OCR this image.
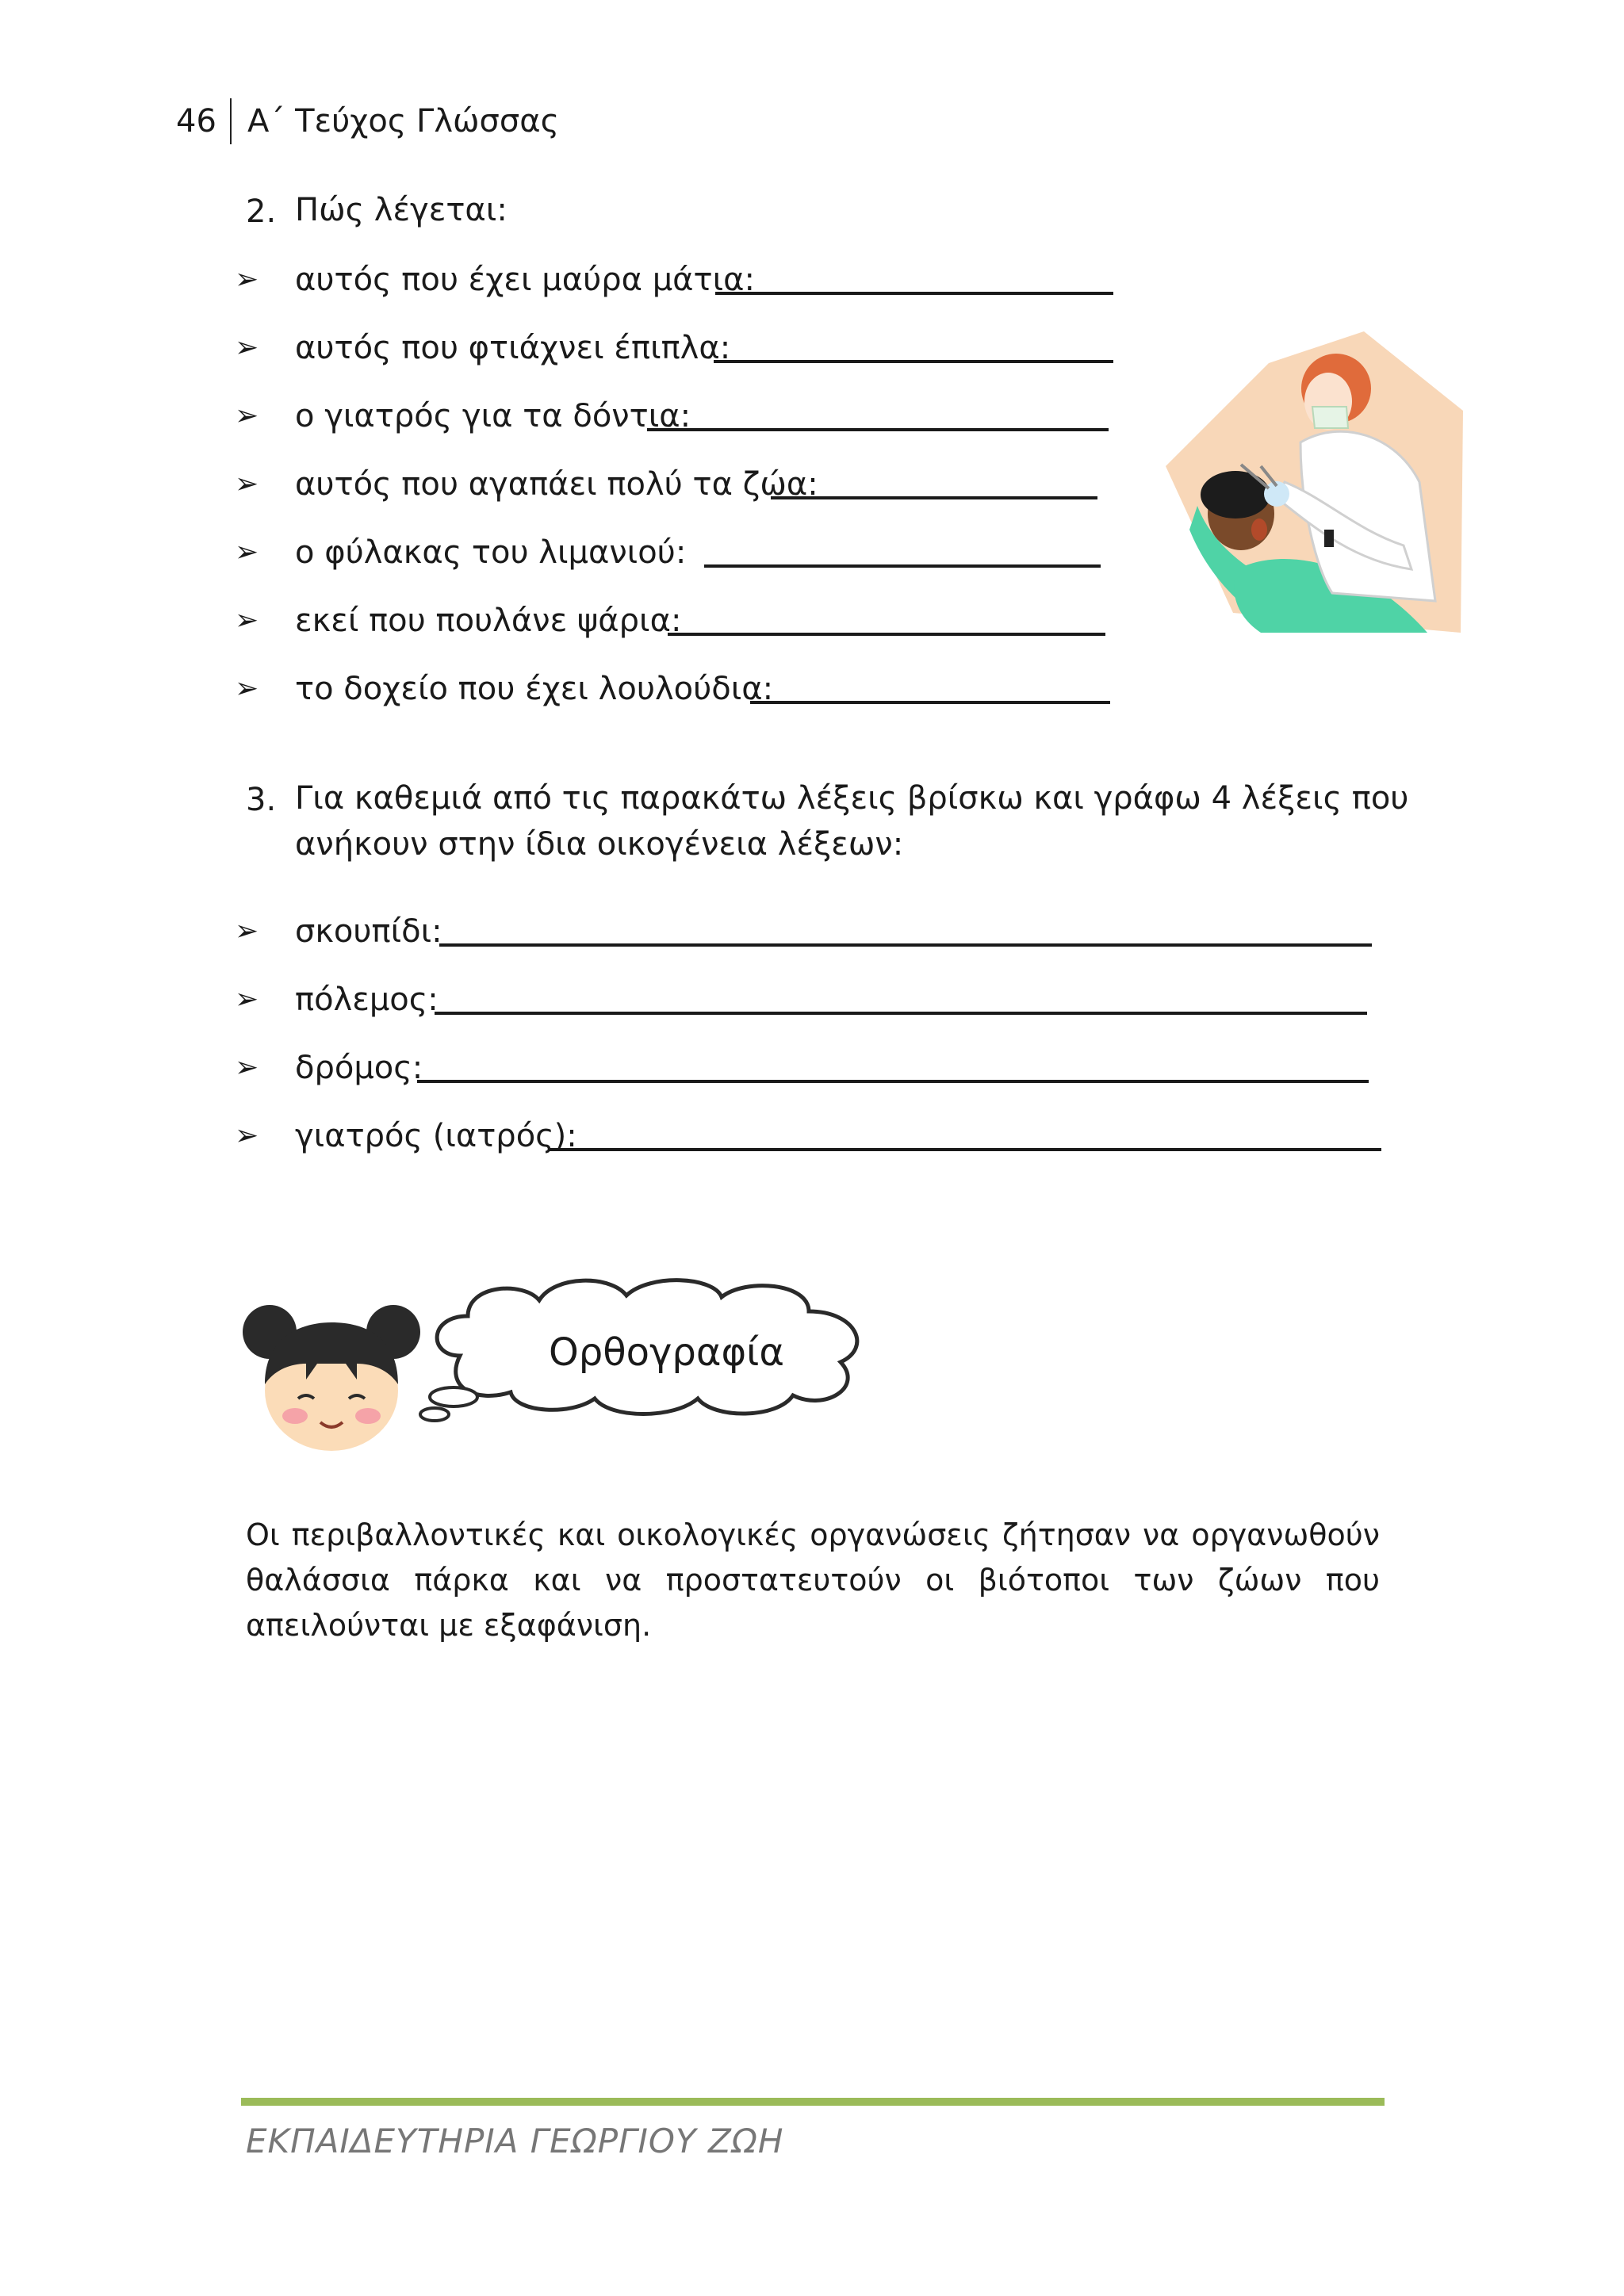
46 Α΄ Τεύχος Γλώσσας
2. Πώς λέγεται:
➢ αυτός που έχει μαύρα μάτια:
➢ αυτός που φτιάχνει έπιπλα:
➢ ο γιατρός για τα δόντια:
➢ αυτός που αγαπάει πολύ τα ζώα:
➢ ο φύλακας του λιμανιού:
➢ εκεί που πουλάνε ψάρια:
➢ το δοχείο που έχει λουλούδια:
3. Για καθεμιά από τις παρακάτω λέξεις βρίσκω και γράφω 4 λέξεις που
ανήκουν στην ίδια οικογένεια λέξεων:
➢ σκουπίδι:
➢ πόλεμος:
➢ δρόμος:
➢ γιατρός (ιατρός):
Ορθογραφία
Οι περιβαλλοντικές και οικολογικές οργανώσεις ζήτησαν να οργανωθούν θαλάσσια πάρκα και να προστατευτούν οι βιότοποι των ζώων που απειλούνται με εξαφάνιση.
ΕΚΠΑΙΔΕΥΤΗΡΙΑ ΓΕΩΡΓΙΟΥ ΖΩΗ
